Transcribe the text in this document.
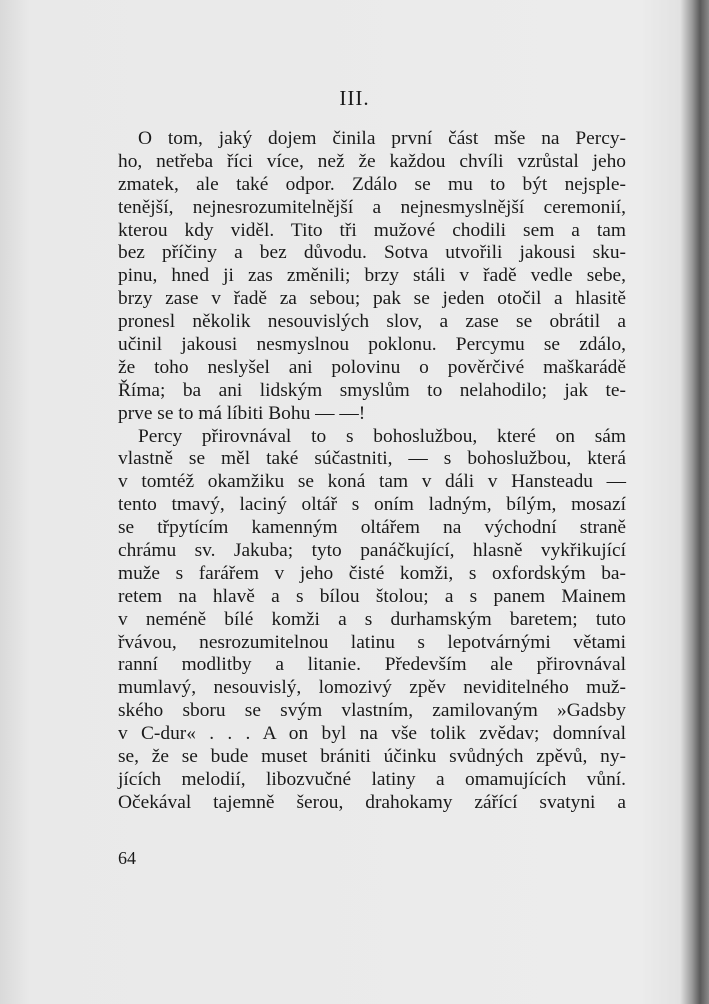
III.
O tom, jaký dojem činila první část mše na Percy-
ho, netřeba říci více, než že každou chvíli vzrůstal jeho
zmatek, ale také odpor. Zdálo se mu to být nejsple-
tenější, nejnesrozumitelnější a nejnesmyslnější ceremonií,
kterou kdy viděl. Tito tři mužové chodili sem a tam
bez příčiny a bez důvodu. Sotva utvořili jakousi sku-
pinu, hned ji zas změnili; brzy stáli v řadě vedle sebe,
brzy zase v řadě za sebou; pak se jeden otočil a hlasitě
pronesl několik nesouvislých slov, a zase se obrátil a
učinil jakousi nesmyslnou poklonu. Percymu se zdálo,
že toho neslyšel ani polovinu o pověrčivé maškarádě
Říma; ba ani lidským smyslům to nelahodilo; jak te-
prve se to má líbiti Bohu — —!
Percy přirovnával to s bohoslužbou, které on sám
vlastně se měl také súčastniti, — s bohoslužbou, která
v tomtéž okamžiku se koná tam v dáli v Hansteadu —
tento tmavý, laciný oltář s oním ladným, bílým, mosazí
se třpytícím kamenným oltářem na východní straně
chrámu sv. Jakuba; tyto panáčkující, hlasně vykřikující
muže s farářem v jeho čisté komži, s oxfordským ba-
retem na hlavě a s bílou štolou; a s panem Mainem
v neméně bílé komži a s durhamským baretem; tuto
řvávou, nesrozumitelnou latinu s lepotvárnými větami
ranní modlitby a litanie. Především ale přirovnával
mumlavý, nesouvislý, lomozivý zpěv neviditelného muž-
ského sboru se svým vlastním, zamilovaným »Gadsby
v C-dur« . . . A on byl na vše tolik zvědav; domníval
se, že se bude muset brániti účinku svůdných zpěvů, ny-
jících melodií, libozvučné latiny a omamujících vůní.
Očekával tajemně šerou, drahokamy zářící svatyni a
64
